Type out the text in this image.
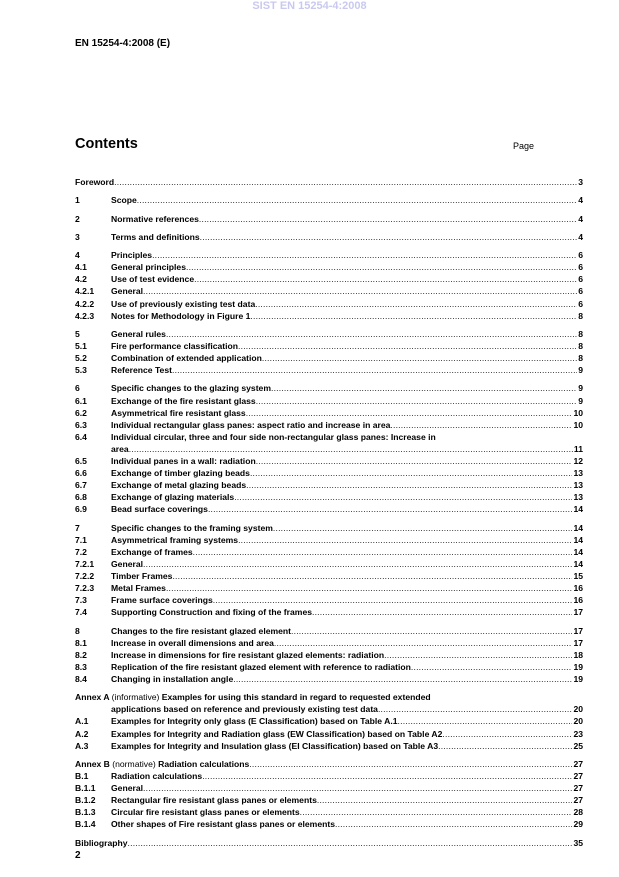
SIST EN 15254-4:2008
EN 15254-4:2008 (E)
Contents	Page
Foreword .....	3
1	Scope .....	4
2	Normative references .....	4
3	Terms and definitions .....	4
4	Principles .....	6
4.1	General principles .....	6
4.2	Use of test evidence .....	6
4.2.1	General .....	6
4.2.2	Use of previously existing test data .....	6
4.2.3	Notes for Methodology in Figure 1 .....	8
5	General rules .....	8
5.1	Fire performance classification .....	8
5.2	Combination of extended application .....	8
5.3	Reference Test .....	9
6	Specific changes to the glazing system .....	9
6.1	Exchange of the fire resistant glass .....	9
6.2	Asymmetrical fire resistant glass .....	10
6.3	Individual rectangular glass panes: aspect ratio and increase in area .....	10
6.4	Individual circular, three and four side non-rectangular glass panes: Increase in
area .....	11
6.5	Individual panes in a wall: radiation .....	12
6.6	Exchange of timber glazing beads .....	13
6.7	Exchange of metal glazing beads .....	13
6.8	Exchange of glazing materials .....	13
6.9	Bead surface coverings .....	14
7	Specific changes to the framing system .....	14
7.1	Asymmetrical framing systems .....	14
7.2	Exchange of frames .....	14
7.2.1	General .....	14
7.2.2	Timber Frames .....	15
7.2.3	Metal Frames .....	16
7.3	Frame surface coverings .....	16
7.4	Supporting Construction and fixing of the frames .....	17
8	Changes to the fire resistant glazed element .....	17
8.1	Increase in overall dimensions and area .....	17
8.2	Increase in dimensions for fire resistant glazed elements: radiation .....	18
8.3	Replication of the fire resistant glazed element with reference to radiation .....	19
8.4	Changing in installation angle .....	19
Annex A (informative) Examples for using this standard in regard to requested extended
applications based on reference and previously existing test data .....	20
A.1	Examples for Integrity only glass (E Classification) based on Table A.1 .....	20
A.2	Examples for Integrity and Radiation glass (EW Classification) based on Table A2 .....	23
A.3	Examples for Integrity and Insulation glass (EI Classification) based on Table A3 .....	25
Annex B (normative) Radiation calculations .....	27
B.1	Radiation calculations .....	27
B.1.1	General .....	27
B.1.2	Rectangular fire resistant glass panes or elements .....	27
B.1.3	Circular fire resistant glass panes or elements .....	28
B.1.4	Other shapes of Fire resistant glass panes or elements .....	29
Bibliography .....	35
2
